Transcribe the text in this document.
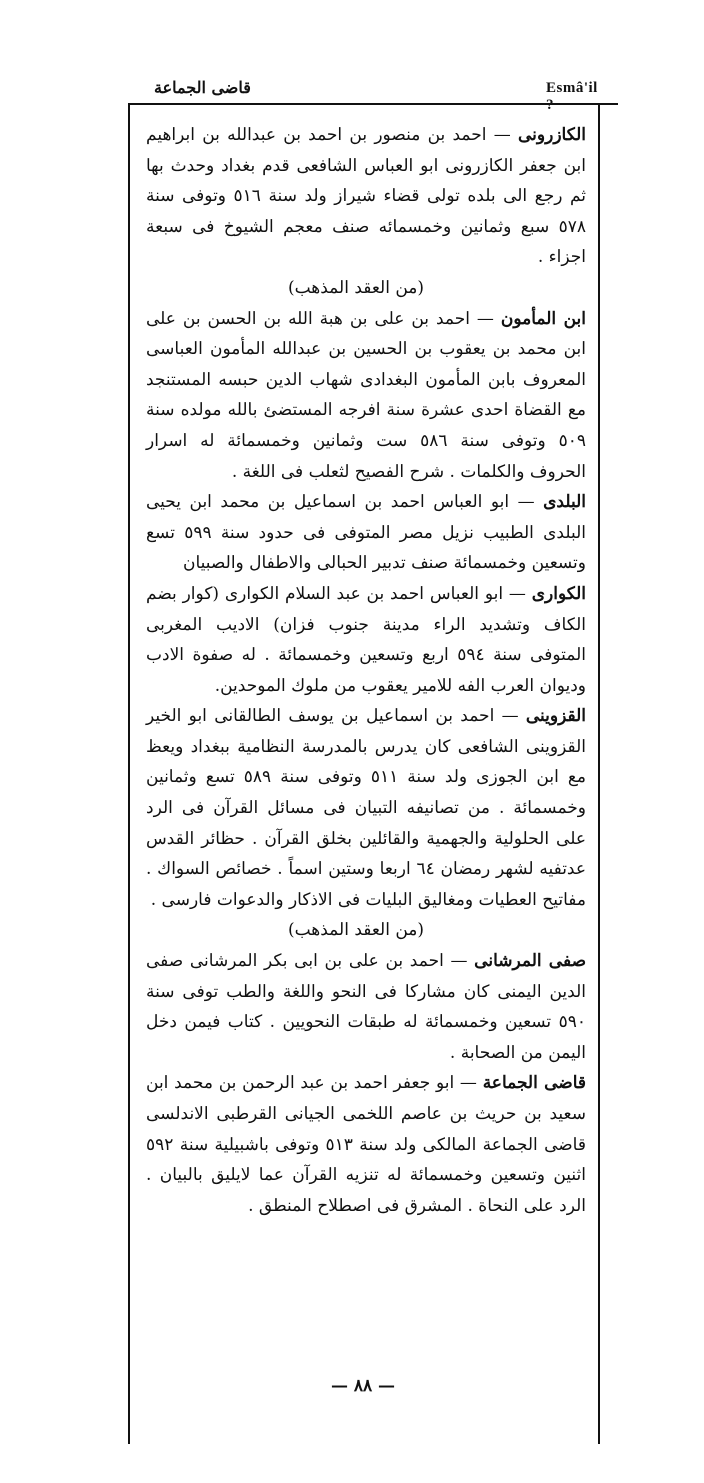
قاضى الجماعة	Esmâ'il ?

الكازرونى — احمد بن منصور بن احمد بن عبدالله بن ابراهيم ابن جعفر الكازرونى ابو العباس الشافعى قدم بغداد وحدث بها ثم رجع الى بلده تولى قضاء شيراز ولد سنة ٥١٦ وتوفى سنة ٥٧٨ سبع وثمانين وخمسمائه صنف معجم الشيوخ فى سبعة اجزاء .
(من العقد المذهب)

ابن المأمون — احمد بن على بن هبة الله بن الحسن بن على ابن محمد بن يعقوب بن الحسين بن عبدالله المأمون العباسى المعروف بابن المأمون البغدادى شهاب الدين حبسه المستنجد مع القضاة احدى عشرة سنة افرجه المستضئ بالله مولده سنة ٥٠٩ وتوفى سنة ٥٨٦ ست وثمانين وخمسمائة له اسرار الحروف والكلمات . شرح الفصيح لثعلب فى اللغة .

البلدى — ابو العباس احمد بن اسماعيل بن محمد ابن يحيى البلدى الطبيب نزيل مصر المتوفى فى حدود سنة ٥٩٩ تسع وتسعين وخمسمائة صنف تدبير الحبالى والاطفال والصبيان

الكوارى — ابو العباس احمد بن عبد السلام الكوارى (كوار بضم الكاف وتشديد الراء مدينة جنوب فزان) الاديب المغربى المتوفى سنة ٥٩٤ اربع وتسعين وخمسمائة . له صفوة الادب وديوان العرب الفه للامير يعقوب من ملوك الموحدين.

القزوينى — احمد بن اسماعيل بن يوسف الطالقانى ابو الخير القزوينى الشافعى كان يدرس بالمدرسة النظامية ببغداد ويعظ مع ابن الجوزى ولد سنة ٥١١ وتوفى سنة ٥٨٩ تسع وثمانين وخمسمائة . من تصانيفه التبيان فى مسائل القرآن فى الرد على الحلولية والجهمية والقائلين بخلق القرآن . حظائر القدس عدتفيه لشهر رمضان ٦٤ اربعا وستين اسماً . خصائص السواك . مفاتيح العطيات ومغاليق البليات فى الاذكار والدعوات فارسى .
(من العقد المذهب)

صفى المرشانى — احمد بن على بن ابى بكر المرشانى صفى الدين اليمنى كان مشاركا فى النحو واللغة والطب توفى سنة ٥٩٠ تسعين وخمسمائة له طبقات النحويين . كتاب فيمن دخل اليمن من الصحابة .

قاضى الجماعة — ابو جعفر احمد بن عبد الرحمن بن محمد ابن سعيد بن حريث بن عاصم اللخمى الجيانى القرطبى الاندلسى قاضى الجماعة المالكى ولد سنة ٥١٣ وتوفى باشبيلية سنة ٥٩٢ اثنين وتسعين وخمسمائة له تنزيه القرآن عما لايليق بالبيان . الرد على النحاة . المشرق فى اصطلاح المنطق .

— ٨٨ —
